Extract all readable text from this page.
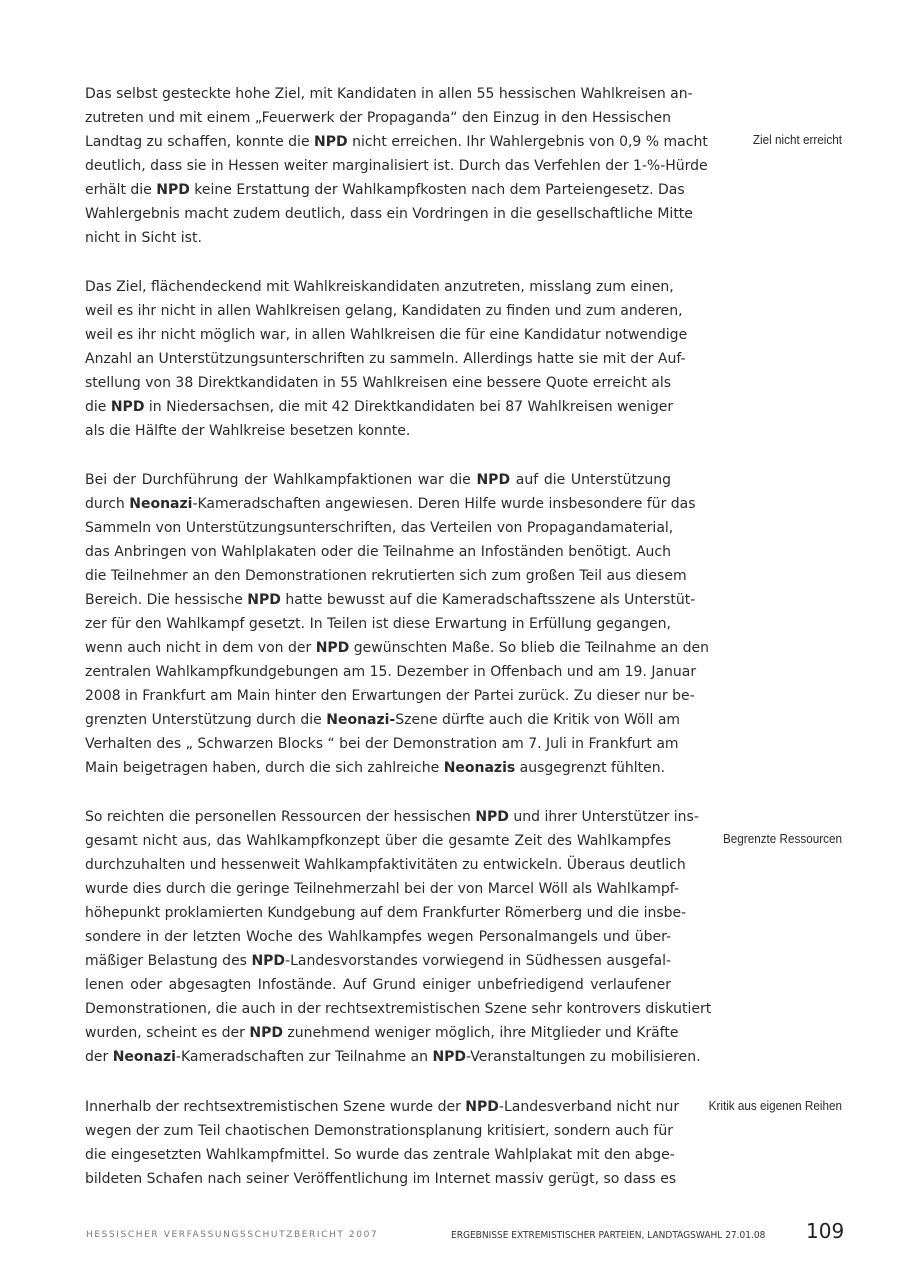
Das selbst gesteckte hohe Ziel, mit Kandidaten in allen 55 hessischen Wahlkreisen an-
zutreten und mit einem „Feuerwerk der Propaganda“ den Einzug in den Hessischen
Landtag zu schaffen, konnte die NPD nicht erreichen. Ihr Wahlergebnis von 0,9 % macht
deutlich, dass sie in Hessen weiter marginalisiert ist. Durch das Verfehlen der 1-%-Hürde
erhält die NPD keine Erstattung der Wahlkampfkosten nach dem Parteiengesetz. Das
Wahlergebnis macht zudem deutlich, dass ein Vordringen in die gesellschaftliche Mitte
nicht in Sicht ist.
Das Ziel, flächendeckend mit Wahlkreiskandidaten anzutreten, misslang zum einen,
weil es ihr nicht in allen Wahlkreisen gelang, Kandidaten zu finden und zum anderen,
weil es ihr nicht möglich war, in allen Wahlkreisen die für eine Kandidatur notwendige
Anzahl an Unterstützungsunterschriften zu sammeln. Allerdings hatte sie mit der Auf-
stellung von 38 Direktkandidaten in 55 Wahlkreisen eine bessere Quote erreicht als
die NPD in Niedersachsen, die mit 42 Direktkandidaten bei 87 Wahlkreisen weniger
als die Hälfte der Wahlkreise besetzen konnte.
Bei der Durchführung der Wahlkampfaktionen war die NPD auf die Unterstützung
durch Neonazi-Kameradschaften angewiesen. Deren Hilfe wurde insbesondere für das
Sammeln von Unterstützungsunterschriften, das Verteilen von Propagandamaterial,
das Anbringen von Wahlplakaten oder die Teilnahme an Infoständen benötigt. Auch
die Teilnehmer an den Demonstrationen rekrutierten sich zum großen Teil aus diesem
Bereich. Die hessische NPD hatte bewusst auf die Kameradschaftsszene als Unterstüt-
zer für den Wahlkampf gesetzt. In Teilen ist diese Erwartung in Erfüllung gegangen,
wenn auch nicht in dem von der NPD gewünschten Maße. So blieb die Teilnahme an den
zentralen Wahlkampfkundgebungen am 15. Dezember in Offenbach und am 19. Januar
2008 in Frankfurt am Main hinter den Erwartungen der Partei zurück. Zu dieser nur be-
grenzten Unterstützung durch die Neonazi-Szene dürfte auch die Kritik von Wöll am
Verhalten des „ Schwarzen Blocks “ bei der Demonstration am 7. Juli in Frankfurt am
Main beigetragen haben, durch die sich zahlreiche Neonazis ausgegrenzt fühlten.
So reichten die personellen Ressourcen der hessischen NPD und ihrer Unterstützer ins-
gesamt nicht aus, das Wahlkampfkonzept über die gesamte Zeit des Wahlkampfes
durchzuhalten und hessenweit Wahlkampfaktivitäten zu entwickeln. Überaus deutlich
wurde dies durch die geringe Teilnehmerzahl bei der von Marcel Wöll als Wahlkampf-
höhepunkt proklamierten Kundgebung auf dem Frankfurter Römerberg und die insbe-
sondere in der letzten Woche des Wahlkampfes wegen Personalmangels und über-
mäßiger Belastung des NPD-Landesvorstandes vorwiegend in Südhessen ausgefal-
lenen oder abgesagten Infostände. Auf Grund einiger unbefriedigend verlaufener
Demonstrationen, die auch in der rechtsextremistischen Szene sehr kontrovers diskutiert
wurden, scheint es der NPD zunehmend weniger möglich, ihre Mitglieder und Kräfte
der Neonazi-Kameradschaften zur Teilnahme an NPD-Veranstaltungen zu mobilisieren.
Innerhalb der rechtsextremistischen Szene wurde der NPD-Landesverband nicht nur
wegen der zum Teil chaotischen Demonstrationsplanung kritisiert, sondern auch für
die eingesetzten Wahlkampfmittel. So wurde das zentrale Wahlplakat mit den abge-
bildeten Schafen nach seiner Veröffentlichung im Internet massiv gerügt, so dass es
Ziel nicht erreicht
Begrenzte Ressourcen
Kritik aus eigenen Reihen
HESSISCHER VERFASSUNGSSCHUTZBERICHT 2007	ERGEBNISSE EXTREMISTISCHER PARTEIEN, LANDTAGSWAHL 27.01.08 109
